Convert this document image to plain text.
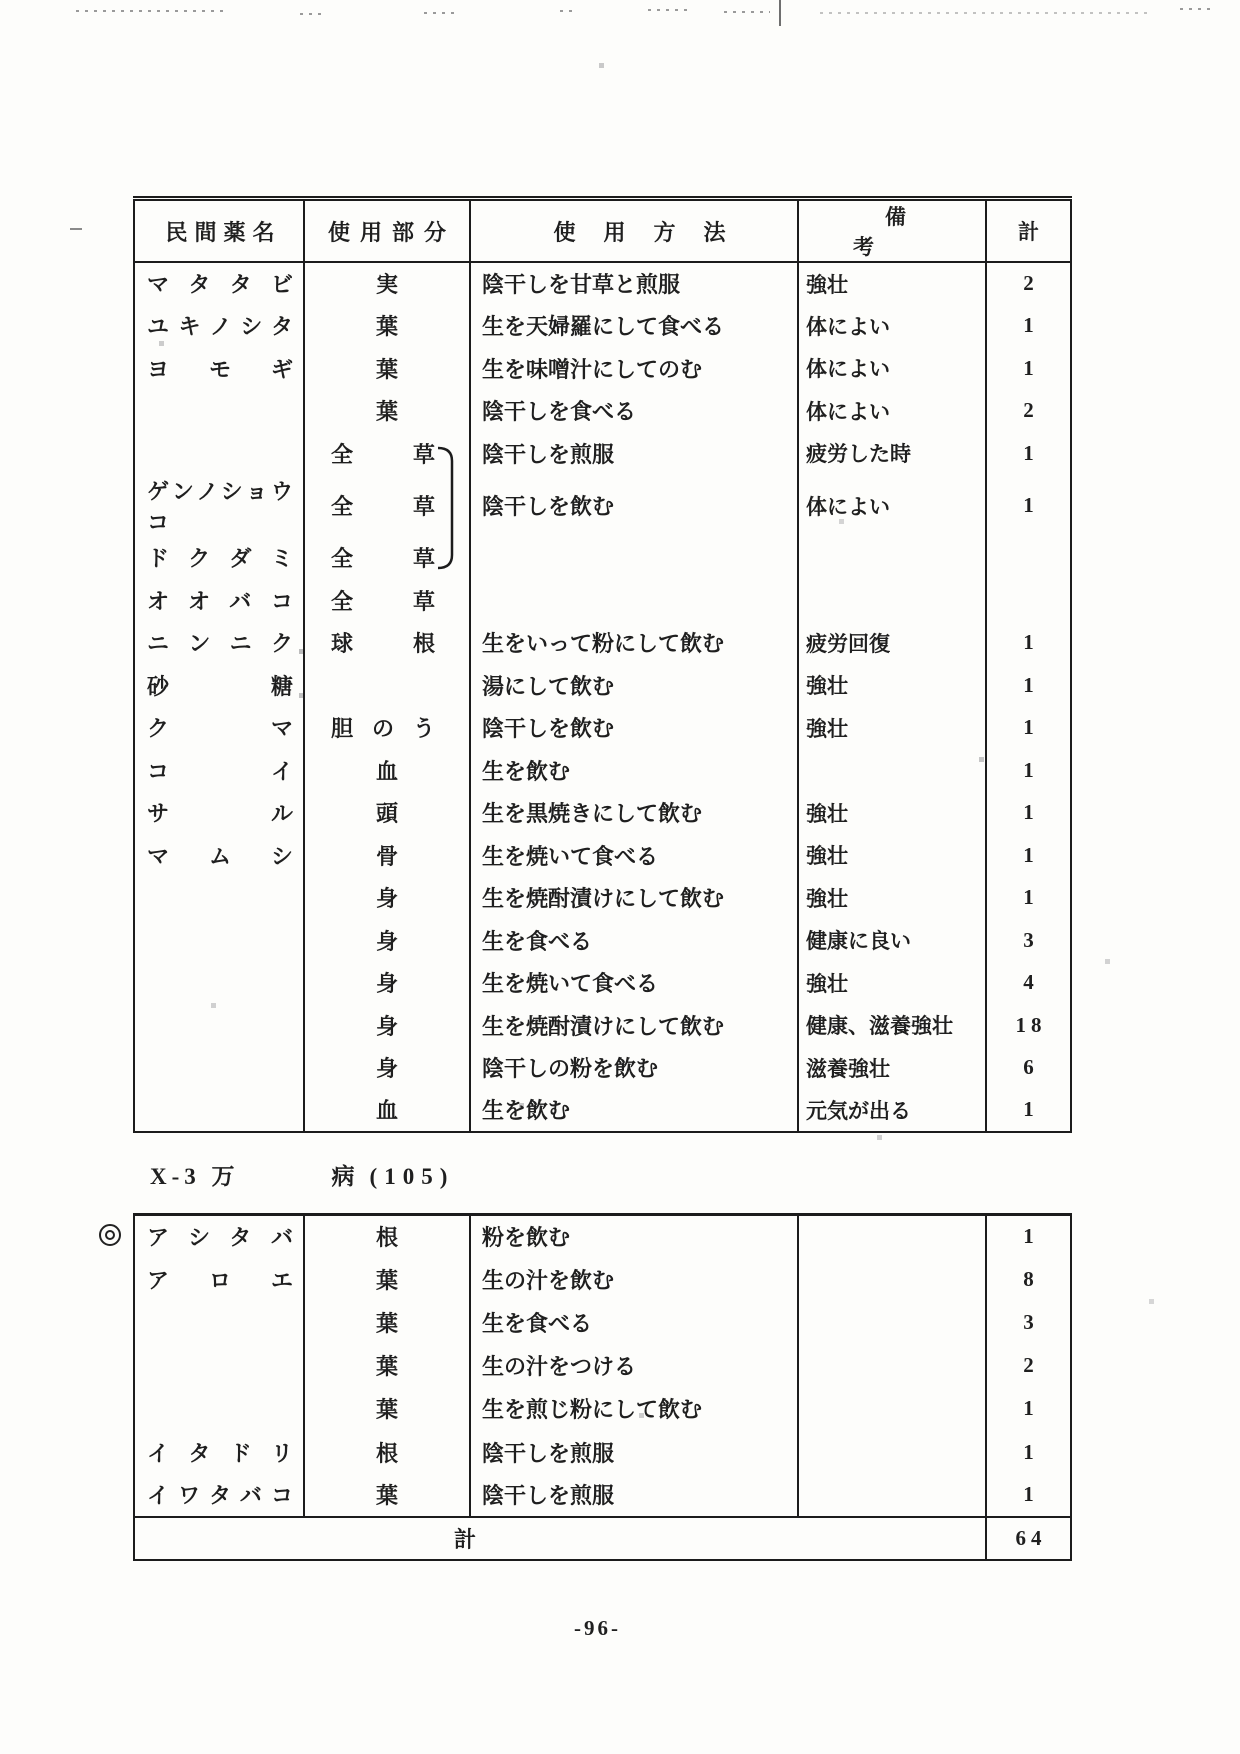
民間薬名	使用部分	使用方法	備考	計
マタタビ	実	陰干しを甘草と煎服	強壮	2
ユキノシタ	葉	生を天婦羅にして食べる	体によい	1
ヨモギ	葉	生を味噌汁にしてのむ	体によい	1
	葉	陰干しを食べる	体によい	2
	全草	陰干しを煎服	疲労した時	1
ゲンノショウコ	全草	陰干しを飲む	体によい	1
ドクダミ	全草			
オオバコ	全草			
ニンニク	球根	生をいって粉にして飲む	疲労回復	1
砂糖		湯にして飲む	強壮	1
クマ	胆のう	陰干しを飲む	強壮	1
コイ	血	生を飲む		1
サル	頭	生を黒焼きにして飲む	強壮	1
マムシ	骨	生を焼いて食べる	強壮	1
	身	生を焼酎漬けにして飲む	強壮	1
	身	生を食べる	健康に良い	3
	身	生を焼いて食べる	強壮	4
	身	生を焼酎漬けにして飲む	健康、滋養強壮	18
	身	陰干しの粉を飲む	滋養強壮	6
	血	生を飲む	元気が出る	1
X-3 万	病 (105)
アシタバ	根	粉を飲む		1
アロエ	葉	生の汁を飲む		8
	葉	生を食べる		3
	葉	生の汁をつける		2
	葉	生を煎じ粉にして飲む		1
イタドリ	根	陰干しを煎服		1
イワタバコ	葉	陰干しを煎服		1
計				64
-96-
